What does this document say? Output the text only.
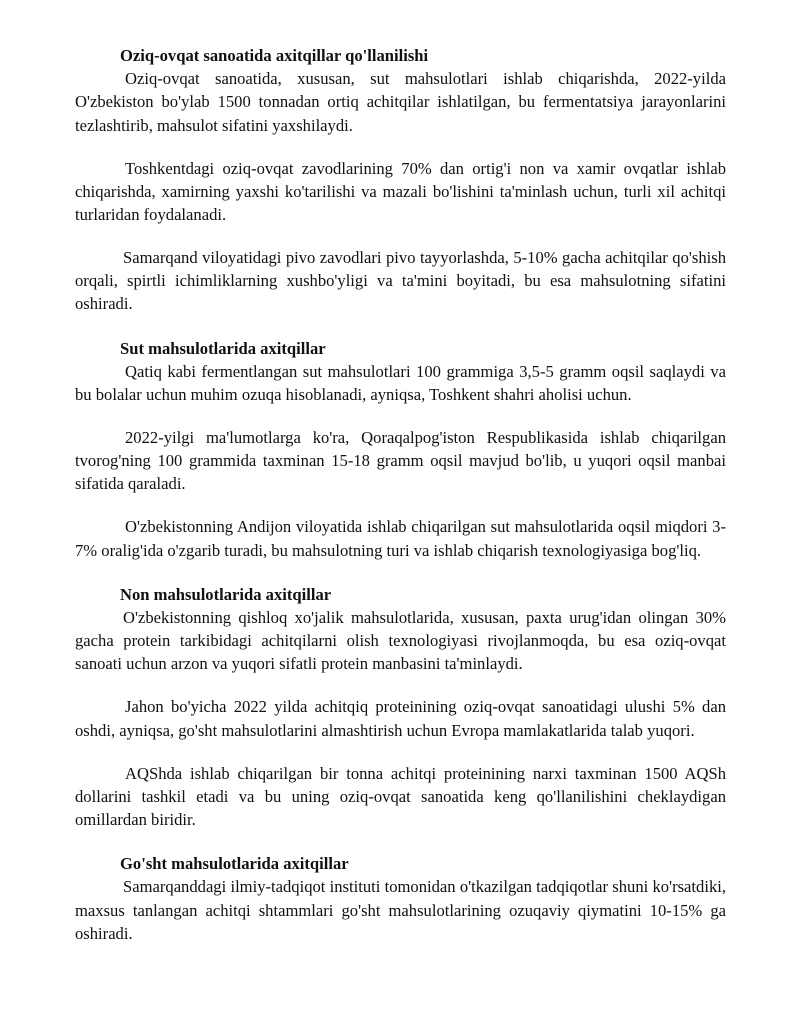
Oziq-ovqat sanoatida axitqillar qo'llanilishi

Oziq-ovqat sanoatida, xususan, sut mahsulotlari ishlab chiqarishda, 2022-yilda O'zbekiston bo'ylab 1500 tonnadan ortiq achitqilar ishlatilgan, bu fermentatsiya jarayonlarini tezlashtirib, mahsulot sifatini yaxshilaydi.

Toshkentdagi oziq-ovqat zavodlarining 70% dan ortig'i non va xamir ovqatlar ishlab chiqarishda, xamirning yaxshi ko'tarilishi va mazali bo'lishini ta'minlash uchun, turli xil achitqi turlaridan foydalanadi.

Samarqand viloyatidagi pivo zavodlari pivo tayyorlashda, 5-10% gacha achitqilar qo'shish orqali, spirtli ichimliklarning xushbo'yligi va ta'mini boyitadi, bu esa mahsulotning sifatini oshiradi.

Sut mahsulotlarida axitqillar

Qatiq kabi fermentlangan sut mahsulotlari 100 grammiga 3,5-5 gramm oqsil saqlaydi va bu bolalar uchun muhim ozuqa hisoblanadi, ayniqsa, Toshkent shahri aholisi uchun.

2022-yilgi ma'lumotlarga ko'ra, Qoraqalpog'iston Respublikasida ishlab chiqarilgan tvorog'ning 100 grammida taxminan 15-18 gramm oqsil mavjud bo'lib, u yuqori oqsil manbai sifatida qaraladi.

O'zbekistonning Andijon viloyatida ishlab chiqarilgan sut mahsulotlarida oqsil miqdori 3-7% oralig'ida o'zgarib turadi, bu mahsulotning turi va ishlab chiqarish texnologiyasiga bog'liq.

Non mahsulotlarida axitqillar

O'zbekistonning qishloq xo'jalik mahsulotlarida, xususan, paxta urug'idan olingan 30% gacha protein tarkibidagi achitqilarni olish texnologiyasi rivojlanmoqda, bu esa oziq-ovqat sanoati uchun arzon va yuqori sifatli protein manbasini ta'minlaydi.

Jahon bo'yicha 2022 yilda achitqiq proteinining oziq-ovqat sanoatidagi ulushi 5% dan oshdi, ayniqsa, go'sht mahsulotlarini almashtirish uchun Evropa mamlakatlarida talab yuqori.

AQShda ishlab chiqarilgan bir tonna achitqi proteinining narxi taxminan 1500 AQSh dollarini tashkil etadi va bu uning oziq-ovqat sanoatida keng qo'llanilishini cheklaydigan omillardan biridir.

Go'sht mahsulotlarida axitqillar

Samarqanddagi ilmiy-tadqiqot instituti tomonidan o'tkazilgan tadqiqotlar shuni ko'rsatdiki, maxsus tanlangan achitqi shtammlari go'sht mahsulotlarining ozuqaviy qiymatini 10-15% ga oshiradi.
